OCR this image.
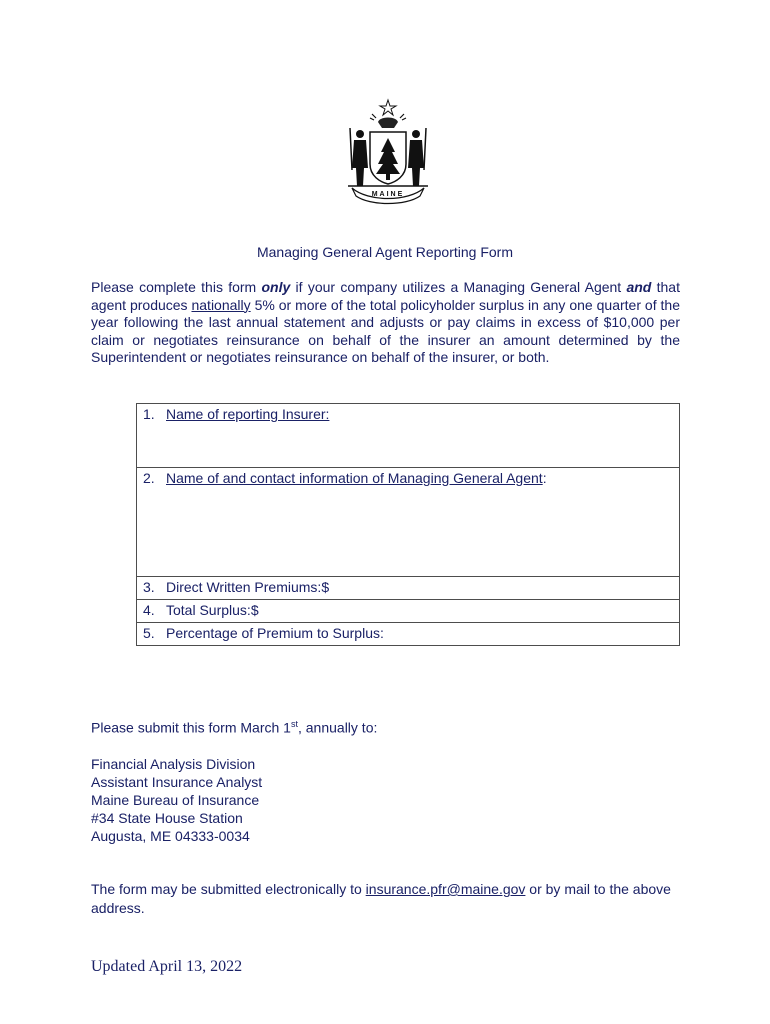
MAINE
Managing General Agent Reporting Form
Please complete this form only if your company utilizes a Managing General Agent and that agent produces nationally 5% or more of the total policyholder surplus in any one quarter of the year following the last annual statement and adjusts or pay claims in excess of $10,000 per claim or negotiates reinsurance on behalf of the insurer an amount determined by the Superintendent or negotiates reinsurance on behalf of the insurer, or both.
1. Name of reporting Insurer:
2. Name of and contact information of Managing General Agent:
3. Direct Written Premiums:$
4. Total Surplus:$
5. Percentage of Premium to Surplus:
Please submit this form March 1st, annually to:
Financial Analysis Division
Assistant Insurance Analyst
Maine Bureau of Insurance
#34 State House Station
Augusta, ME 04333-0034
The form may be submitted electronically to insurance.pfr@maine.gov or by mail to the above address.
Updated April 13, 2022
